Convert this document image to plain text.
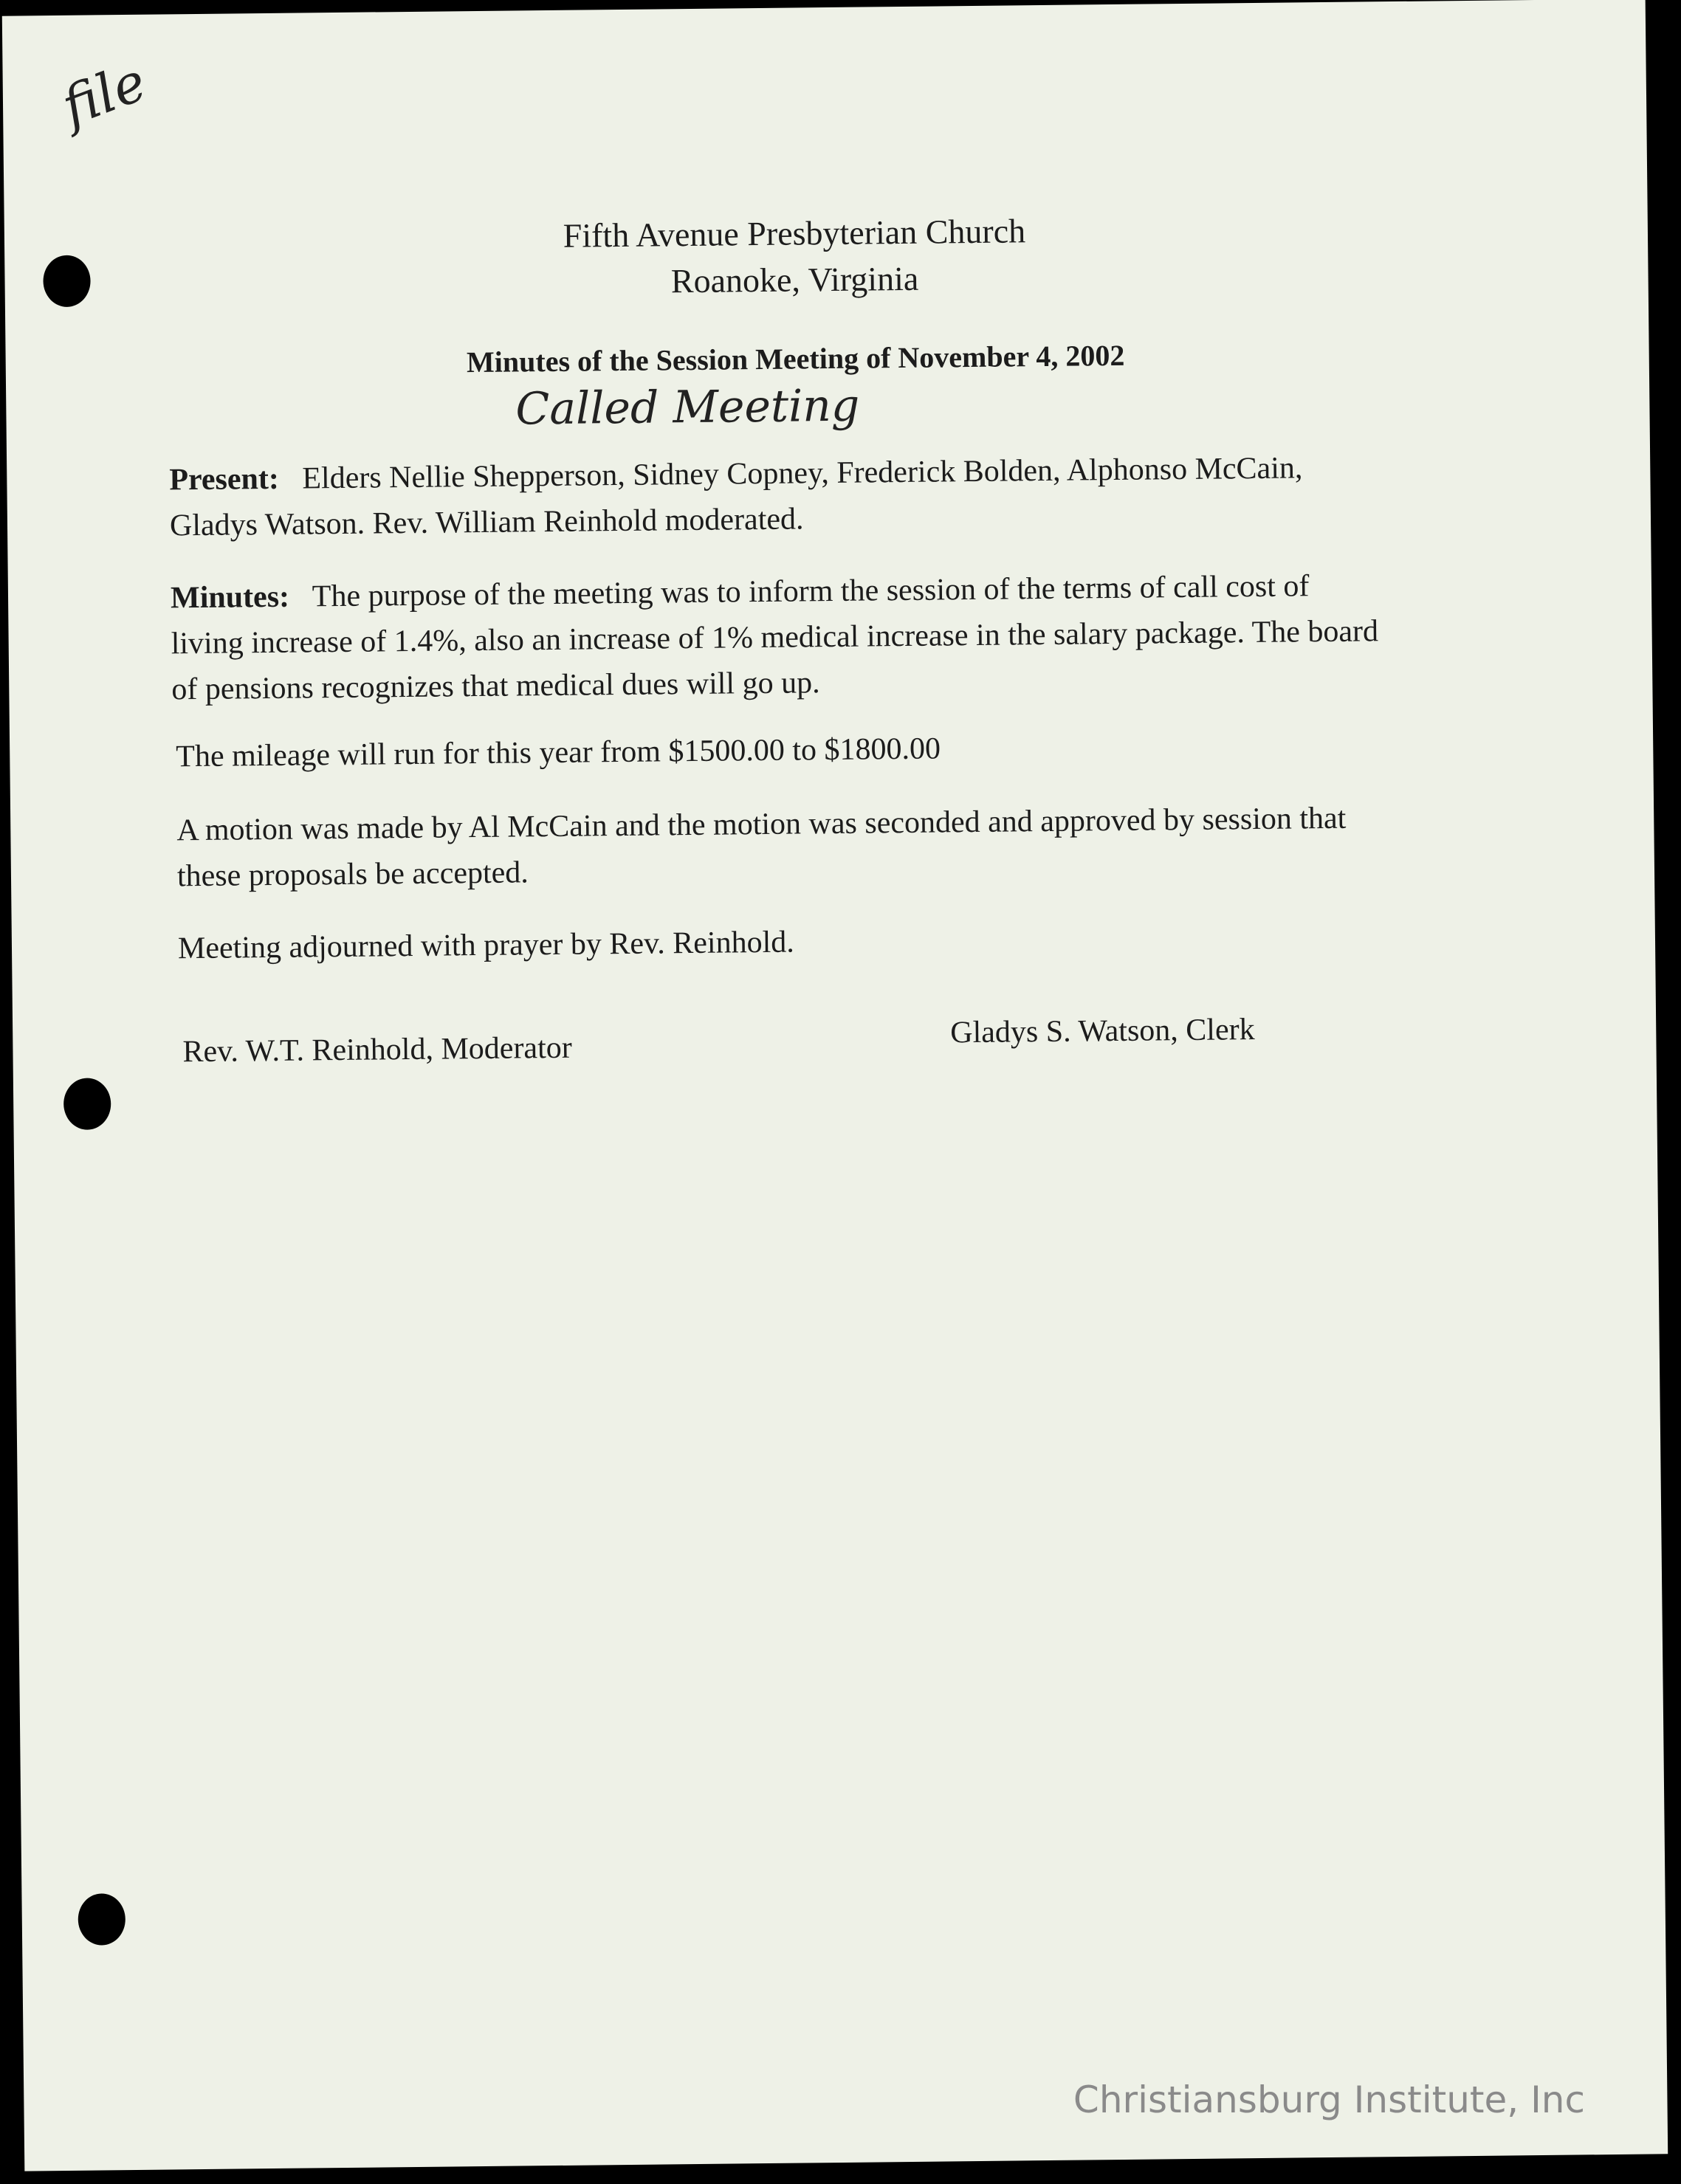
file
Fifth Avenue Presbyterian Church
Roanoke, Virginia
Minutes of the Session Meeting of November 4, 2002
Called Meeting
Present: Elders Nellie Shepperson, Sidney Copney, Frederick Bolden, Alphonso McCain,
Gladys Watson. Rev. William Reinhold moderated.
Minutes: The purpose of the meeting was to inform the session of the terms of call cost of
living increase of 1.4%, also an increase of 1% medical increase in the salary package. The board
of pensions recognizes that medical dues will go up.
The mileage will run for this year from $1500.00 to $1800.00
A motion was made by Al McCain and the motion was seconded and approved by session that
these proposals be accepted.
Meeting adjourned with prayer by Rev. Reinhold.
Rev. W.T. Reinhold, Moderator	Gladys S. Watson, Clerk
Christiansburg Institute, Inc
